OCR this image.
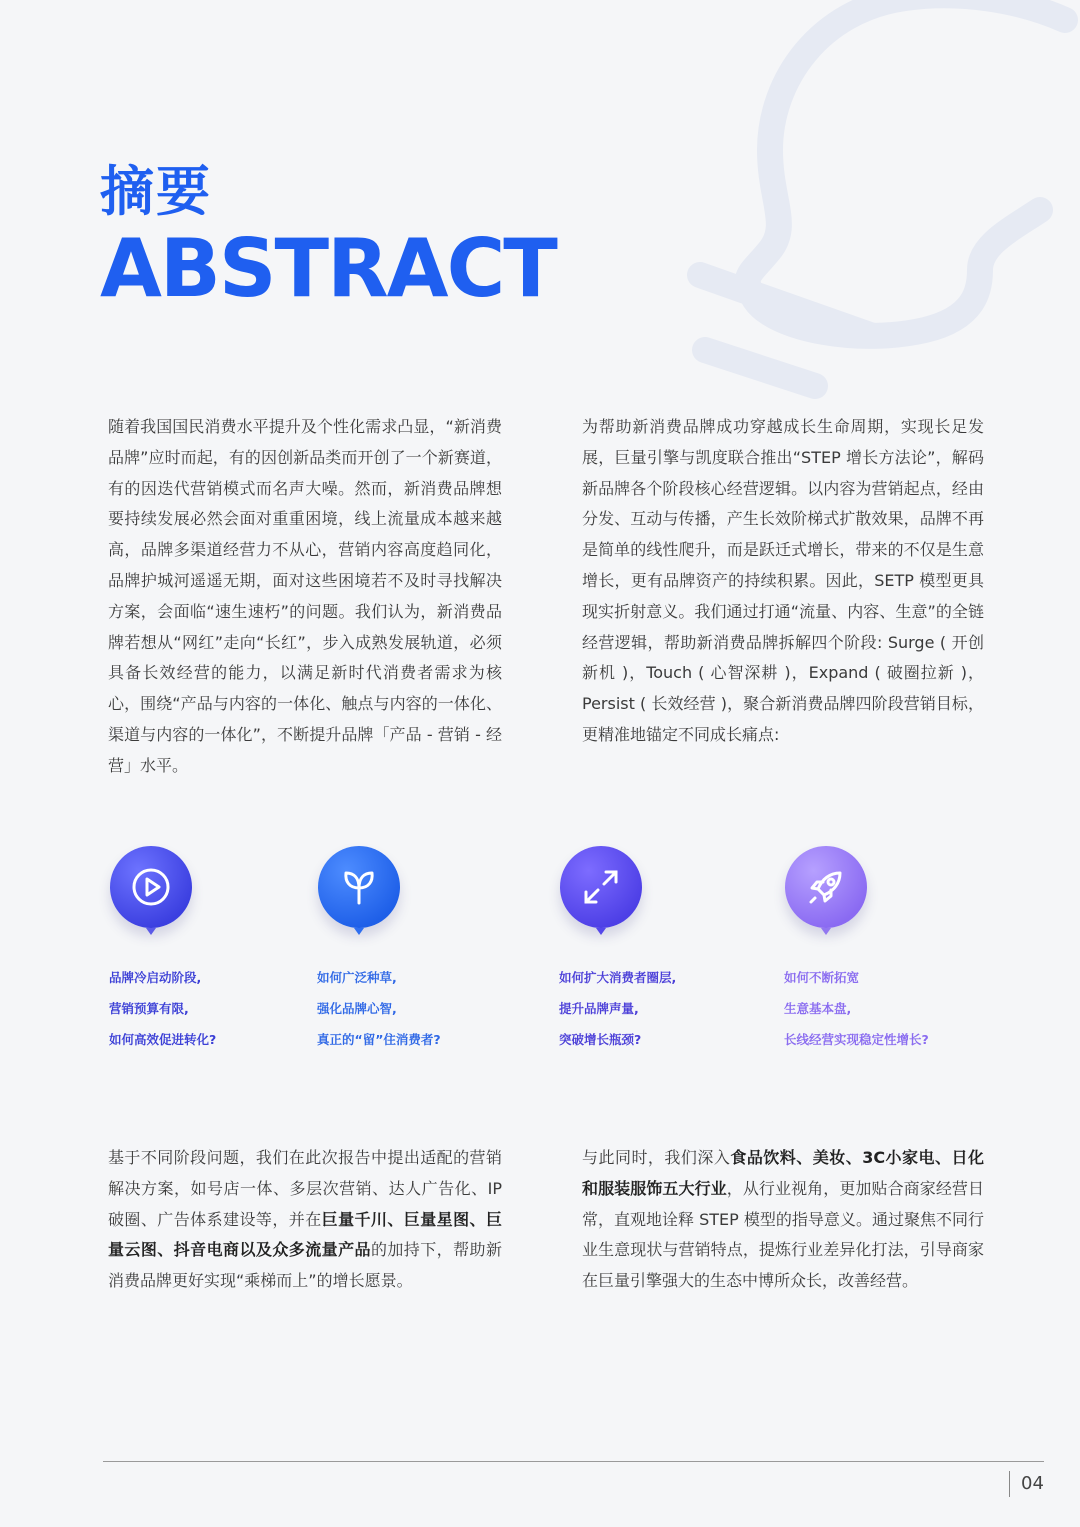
摘要
ABSTRACT

随着我国国民消费水平提升及个性化需求凸显，“新消费品牌”应时而起，有的因创新品类而开创了一个新赛道，有的因迭代营销模式而名声大噪。然而，新消费品牌想要持续发展必然会面对重重困境，线上流量成本越来越高，品牌多渠道经营力不从心，营销内容高度趋同化，品牌护城河遥遥无期，面对这些困境若不及时寻找解决方案，会面临“速生速朽”的问题。我们认为，新消费品牌若想从“网红”走向“长红”，步入成熟发展轨道，必须具备长效经营的能力，以满足新时代消费者需求为核心，围绕“产品与内容的一体化、触点与内容的一体化、渠道与内容的一体化”，不断提升品牌「产品 - 营销 - 经营」水平。

为帮助新消费品牌成功穿越成长生命周期，实现长足发展，巨量引擎与凯度联合推出“STEP 增长方法论”，解码新品牌各个阶段核心经营逻辑。以内容为营销起点，经由分发、互动与传播，产生长效阶梯式扩散效果，品牌不再是简单的线性爬升，而是跃迁式增长，带来的不仅是生意增长，更有品牌资产的持续积累。因此，SETP 模型更具现实折射意义。我们通过打通“流量、内容、生意”的全链经营逻辑，帮助新消费品牌拆解四个阶段: Surge ( 开创新机 )，Touch ( 心智深耕 )，Expand ( 破圈拉新 )，Persist ( 长效经营 )，聚合新消费品牌四阶段营销目标，更精准地锚定不同成长痛点:

品牌冷启动阶段,
营销预算有限,
如何高效促进转化?
如何广泛种草,
强化品牌心智,
真正的“留”住消费者?
如何扩大消费者圈层,
提升品牌声量,
突破增长瓶颈?
如何不断拓宽
生意基本盘,
长线经营实现稳定性增长?

基于不同阶段问题，我们在此次报告中提出适配的营销解决方案，如号店一体、多层次营销、达人广告化、IP破圈、广告体系建设等，并在巨量千川、巨量星图、巨量云图、抖音电商以及众多流量产品的加持下，帮助新消费品牌更好实现“乘梯而上”的增长愿景。

与此同时，我们深入食品饮料、美妆、3C小家电、日化和服装服饰五大行业，从行业视角，更加贴合商家经营日常，直观地诠释 STEP 模型的指导意义。通过聚焦不同行业生意现状与营销特点，提炼行业差异化打法，引导商家在巨量引擎强大的生态中博所众长，改善经营。

04
